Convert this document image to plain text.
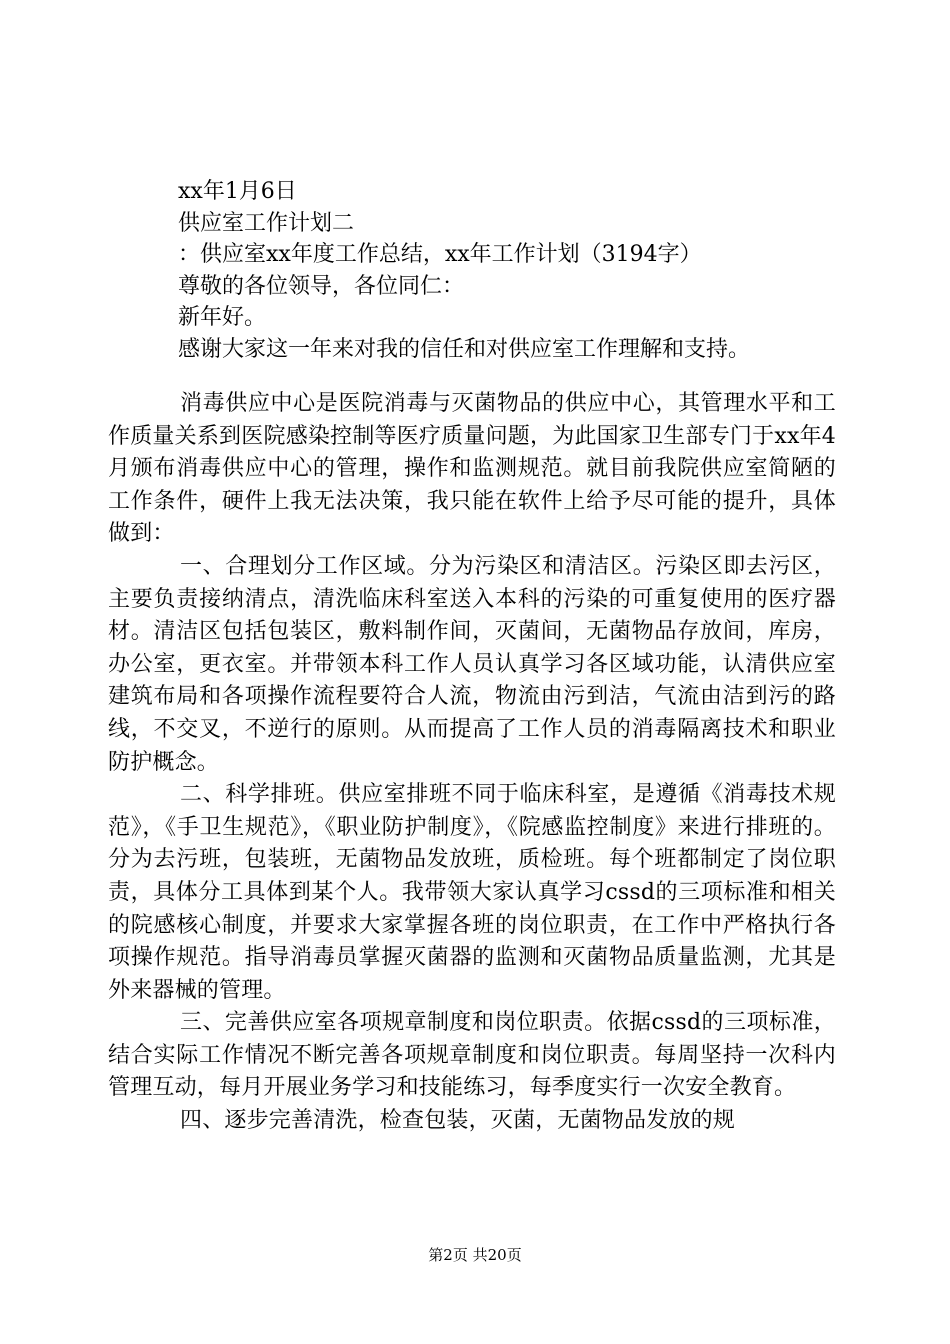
xx年1月6日
供应室工作计划二
：供应室xx年度工作总结，xx年工作计划（3194字）
尊敬的各位领导，各位同仁：
新年好。
感谢大家这一年来对我的信任和对供应室工作理解和支持。

消毒供应中心是医院消毒与灭菌物品的供应中心，其管理水平和工作质量关系到医院感染控制等医疗质量问题，为此国家卫生部专门于xx年4月颁布消毒供应中心的管理，操作和监测规范。就目前我院供应室简陋的工作条件，硬件上我无法决策，我只能在软件上给予尽可能的提升，具体做到：

一、合理划分工作区域。分为污染区和清洁区。污染区即去污区，主要负责接纳清点，清洗临床科室送入本科的污染的可重复使用的医疗器材。清洁区包括包装区，敷料制作间，灭菌间，无菌物品存放间，库房，办公室，更衣室。并带领本科工作人员认真学习各区域功能，认清供应室建筑布局和各项操作流程要符合人流，物流由污到洁，气流由洁到污的路线，不交叉，不逆行的原则。从而提高了工作人员的消毒隔离技术和职业防护概念。

二、科学排班。供应室排班不同于临床科室，是遵循《消毒技术规范》，《手卫生规范》，《职业防护制度》，《院感监控制度》来进行排班的。分为去污班，包装班，无菌物品发放班，质检班。每个班都制定了岗位职责，具体分工具体到某个人。我带领大家认真学习cssd的三项标准和相关的院感核心制度，并要求大家掌握各班的岗位职责，在工作中严格执行各项操作规范。指导消毒员掌握灭菌器的监测和灭菌物品质量监测，尤其是外来器械的管理。

三、完善供应室各项规章制度和岗位职责。依据cssd的三项标准，结合实际工作情况不断完善各项规章制度和岗位职责。每周坚持一次科内管理互动，每月开展业务学习和技能练习，每季度实行一次安全教育。

四、逐步完善清洗，检查包装，灭菌，无菌物品发放的规

第2页 共20页
